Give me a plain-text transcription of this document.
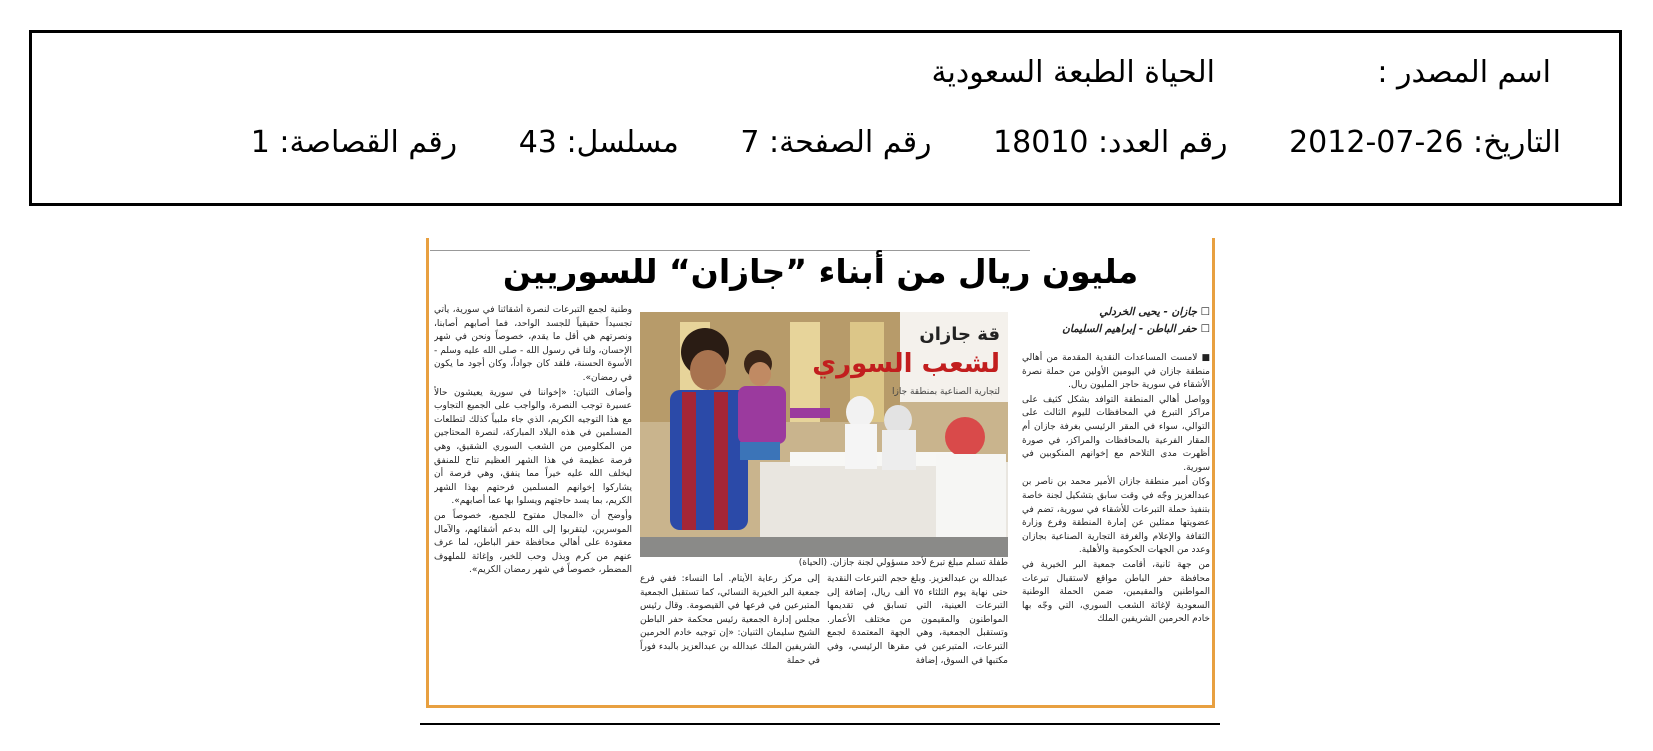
اسم المصدر :
الحياة الطبعة السعودية
التاريخ: 26-07-2012 رقم العدد: 18010 رقم الصفحة: 7 مسلسل: 43 رقم القصاصة: 1
مليون ريال من أبناء ”جازان“ للسوريين
☐ جازان - يحيى الخردلي
☐ حفر الباطن - إبراهيم السليمان

■ لامست المساعدات النقدية المقدمة من أهالي منطقة جازان في اليومين الأولين من حملة نصرة الأشقاء في سورية حاجز المليون ريال.

وواصل أهالي المنطقة التوافد بشكل كثيف على مراكز التبرع في المحافظات لليوم الثالث على التوالي، سواء في المقر الرئيسي بغرفة جازان أم المقار الفرعية بالمحافظات والمراكز، في صورة أظهرت مدى التلاحم مع إخوانهم المنكوبين في سورية.

وكان أمير منطقة جازان الأمير محمد بن ناصر بن عبدالعزيز وجّه في وقت سابق بتشكيل لجنة خاصة بتنفيذ حملة التبرعات للأشقاء في سورية، تضم في عضويتها ممثلين عن إمارة المنطقة وفرع وزارة الثقافة والإعلام والغرفة التجارية الصناعية بجازان وعدد من الجهات الحكومية والأهلية.

من جهة ثانية، أقامت جمعية البر الخيرية في محافظة حفر الباطن مواقع لاستقبال تبرعات المواطنين والمقيمين، ضمن الحملة الوطنية السعودية لإغاثة الشعب السوري، التي وجّه بها خادم الحرمين الشريفين الملك

قة جازان
لشعب السوري
لتجارية الصناعية بمنطقة جازا
طفلة تسلم مبلغ تبرع لأحد مسؤولي لجنة جازان. (الحياة)

عبدالله بن عبدالعزيز. وبلغ حجم التبرعات النقدية حتى نهاية يوم الثلثاء ٧٥ ألف ريال، إضافة إلى التبرعات العينية، التي تسابق في تقديمها المواطنون والمقيمون من مختلف الأعمار. وتستقبل الجمعية، وهي الجهة المعتمدة لجمع التبرعات، المتبرعين في مقرها الرئيسي، وفي مكتبها في السوق، إضافة

إلى مركز رعاية الأيتام. أما النساء: ففي فرع جمعية البر الخيرية النسائي، كما تستقبل الجمعية المتبرعين في فرعها في القيصومة. وقال رئيس مجلس إدارة الجمعية رئيس محكمة حفر الباطن الشيخ سليمان الثنيان: «إن توجيه خادم الحرمين الشريفين الملك عبدالله بن عبدالعزيز بالبدء فوراً في حملة

وطنية لجمع التبرعات لنصرة أشقائنا في سورية، يأتي تجسيداً حقيقياً للجسد الواحد، فما أصابهم أصابنا، ونصرتهم هي أقل ما يقدم، خصوصاً ونحن في شهر الإحسان، ولنا في رسول الله - صلى الله عليه وسلم - الأسوة الحسنة، فلقد كان جواداً، وكان أجود ما يكون في رمضان».

وأضاف الثنيان: «إخواننا في سورية يعيشون حالاً عسيرة توجب النصرة، والواجب على الجميع التجاوب مع هذا التوجيه الكريم، الذي جاء ملبياً كذلك لتطلعات المسلمين في هذه البلاد المباركة، لنصرة المحتاجين من المكلومين من الشعب السوري الشقيق، وهي فرصة عظيمة في هذا الشهر العظيم تتاح للمنفق ليخلف الله عليه خيراً مما ينفق، وهي فرصة أن يشاركوا إخوانهم المسلمين فرحتهم بهذا الشهر الكريم، بما يسد حاجتهم ويسلوا بها عما أصابهم».

وأوضح أن «المجال مفتوح للجميع، خصوصاً من الموسرين، ليتقربوا إلى الله بدعم أشقائهم، والآمال معقودة على أهالي محافظة حفر الباطن، لما عرف عنهم من كرم وبذل وحب للخير، وإغاثة للملهوف المضطر، خصوصاً في شهر رمضان الكريم».
